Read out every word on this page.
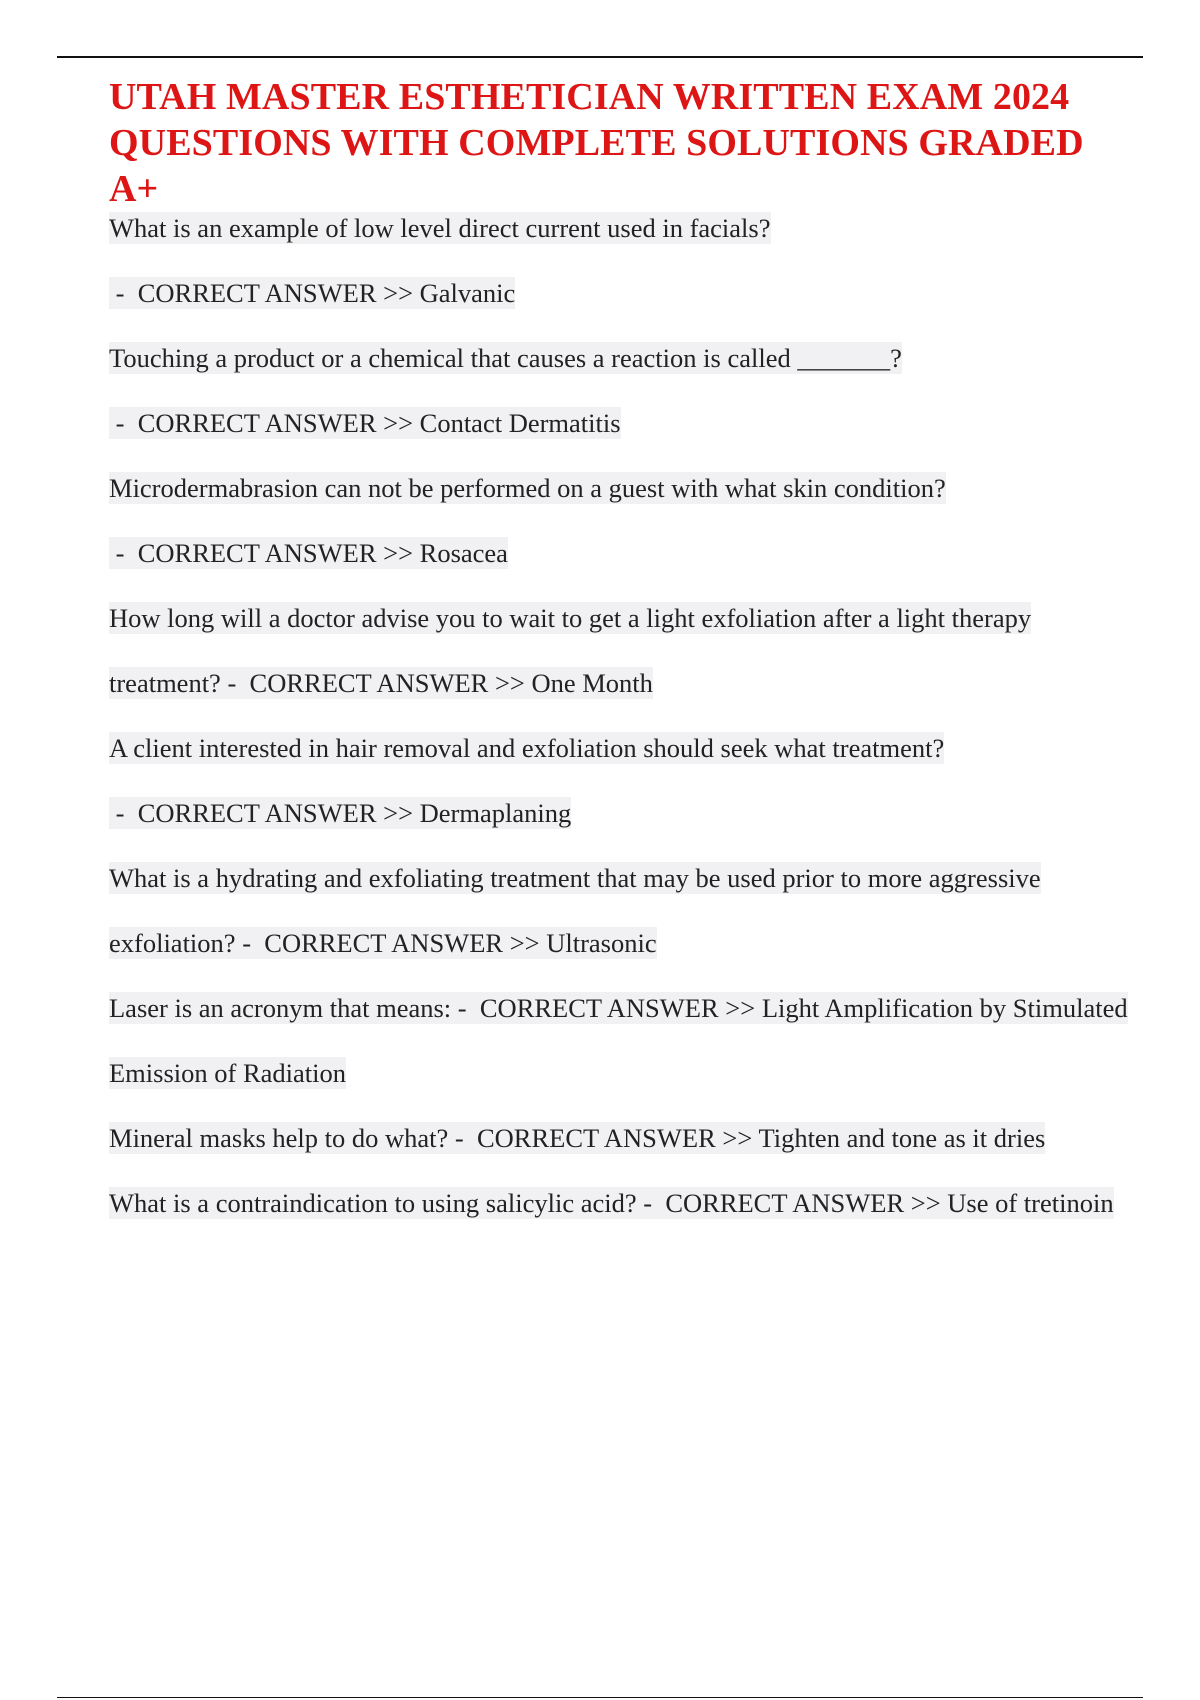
UTAH MASTER ESTHETICIAN WRITTEN EXAM 2024 QUESTIONS WITH COMPLETE SOLUTIONS GRADED A+
What is an example of low level direct current used in facials? -  CORRECT ANSWER >> Galvanic
Touching a product or a chemical that causes a reaction is called _______? -  CORRECT ANSWER >> Contact Dermatitis
Microdermabrasion can not be performed on a guest with what skin condition? -  CORRECT ANSWER >> Rosacea
How long will a doctor advise you to wait to get a light exfoliation after a light therapy treatment? -  CORRECT ANSWER >> One Month
A client interested in hair removal and exfoliation should seek what treatment? -  CORRECT ANSWER >> Dermaplaning
What is a hydrating and exfoliating treatment that may be used prior to more aggressive exfoliation? -  CORRECT ANSWER >> Ultrasonic
Laser is an acronym that means: -  CORRECT ANSWER >> Light Amplification by Stimulated Emission of Radiation
Mineral masks help to do what? -  CORRECT ANSWER >> Tighten and tone as it dries
What is a contraindication to using salicylic acid? -  CORRECT ANSWER >> Use of tretinoin
